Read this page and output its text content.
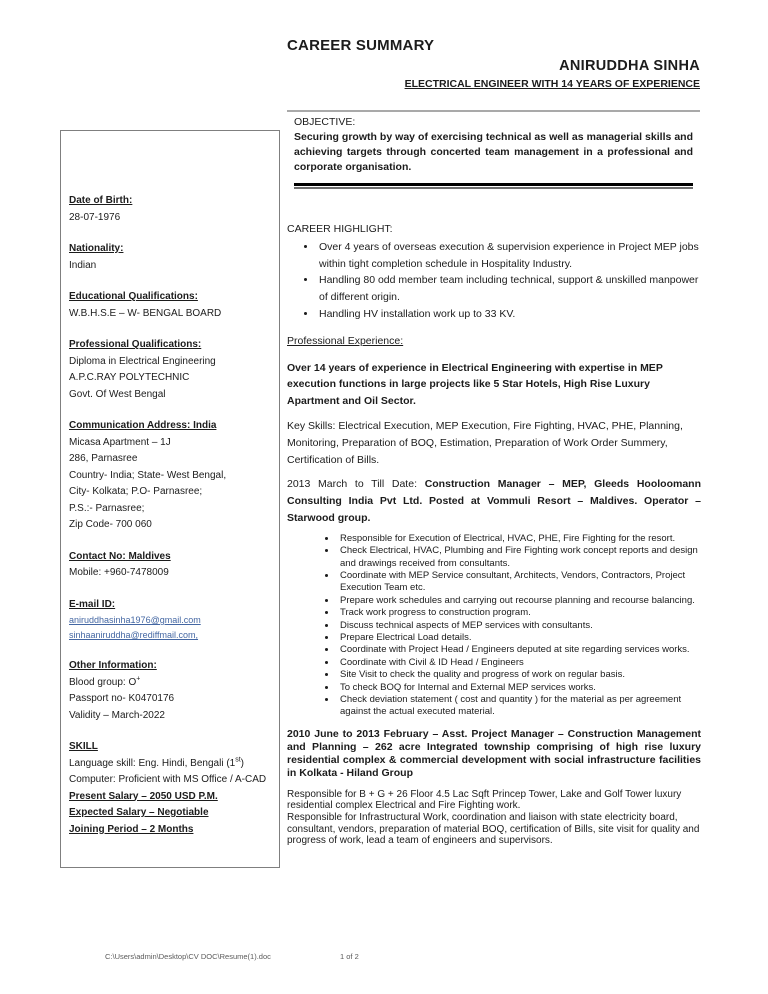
CAREER SUMMARY
ANIRUDDHA SINHA
ELECTRICAL ENGINEER WITH 14 YEARS OF EXPERIENCE

OBJECTIVE:

Securing growth by way of exercising technical as well as managerial skills and achieving targets through concerted team management in a professional and corporate organisation.

Date of Birth:
28-07-1976
Nationality:
Indian
Educational Qualifications:
W.B.H.S.E – W- BENGAL BOARD
Professional Qualifications:
Diploma in Electrical Engineering
A.P.C.RAY POLYTECHNIC
Govt. Of West Bengal
Communication Address: India
Micasa Apartment – 1J
286, Parnasree
Country- India; State- West Bengal,
City- Kolkata; P.O- Parnasree;
P.S.:- Parnasree;
Zip Code- 700 060
Contact No: Maldives
Mobile: +960-7478009
E-mail ID:
aniruddhasinha1976@gmail.com
sinhaaniruddha@rediffmail.com,
Other Information:
Blood group: O+
Passport no- K0470176
Validity – March-2022
SKILL
Language skill: Eng. Hindi, Bengali (1st)
Computer: Proficient with MS Office / A-CAD
Present Salary – 2050 USD P.M.
Expected Salary – Negotiable
Joining Period – 2 Months

CAREER HIGHLIGHT:

• Over 4 years of overseas execution & supervision experience in Project MEP jobs within tight completion schedule in Hospitality Industry.
• Handling 80 odd member team including technical, support & unskilled manpower of different origin.
• Handling HV installation work up to 33 KV.

Professional Experience:

Over 14 years of experience in Electrical Engineering with expertise in MEP execution functions in large projects like 5 Star Hotels, High Rise Luxury Apartment and Oil Sector.

Key Skills: Electrical Execution, MEP Execution, Fire Fighting, HVAC, PHE, Planning, Monitoring, Preparation of BOQ, Estimation, Preparation of Work Order Summery, Certification of Bills.

2013 March to Till Date: Construction Manager – MEP, Gleeds Hooloomann Consulting India Pvt Ltd. Posted at Vommuli Resort – Maldives. Operator – Starwood group.

• Responsible for Execution of Electrical, HVAC, PHE, Fire Fighting for the resort.
• Check Electrical, HVAC, Plumbing and Fire Fighting work concept reports and design and drawings received from consultants.
• Coordinate with MEP Service consultant, Architects, Vendors, Contractors, Project Execution Team etc.
• Prepare work schedules and carrying out recourse planning and recourse balancing.
• Track work progress to construction program.
• Discuss technical aspects of MEP services with consultants.
• Prepare Electrical Load details.
• Coordinate with Project Head / Engineers deputed at site regarding services works.
• Coordinate with Civil & ID Head / Engineers
• Site Visit to check the quality and progress of work on regular basis.
• To check BOQ for Internal and External MEP services works.
• Check deviation statement ( cost and quantity ) for the material as per agreement against the actual executed material.

2010 June to 2013 February – Asst. Project Manager – Construction Management and Planning – 262 acre Integrated township comprising of high rise luxury residential complex & commercial development with social infrastructure facilities in Kolkata - Hiland Group

Responsible for B + G + 26 Floor 4.5 Lac Sqft Princep Tower, Lake and Golf Tower luxury residential complex Electrical and Fire Fighting work.

Responsible for Infrastructural Work, coordination and liaison with state electricity board, consultant, vendors, preparation of material BOQ, certification of Bills, site visit for quality and progress of work, lead a team of engineers and supervisors.

C:\Users\admin\Desktop\CV DOC\Resume(1).doc	1 of 2
